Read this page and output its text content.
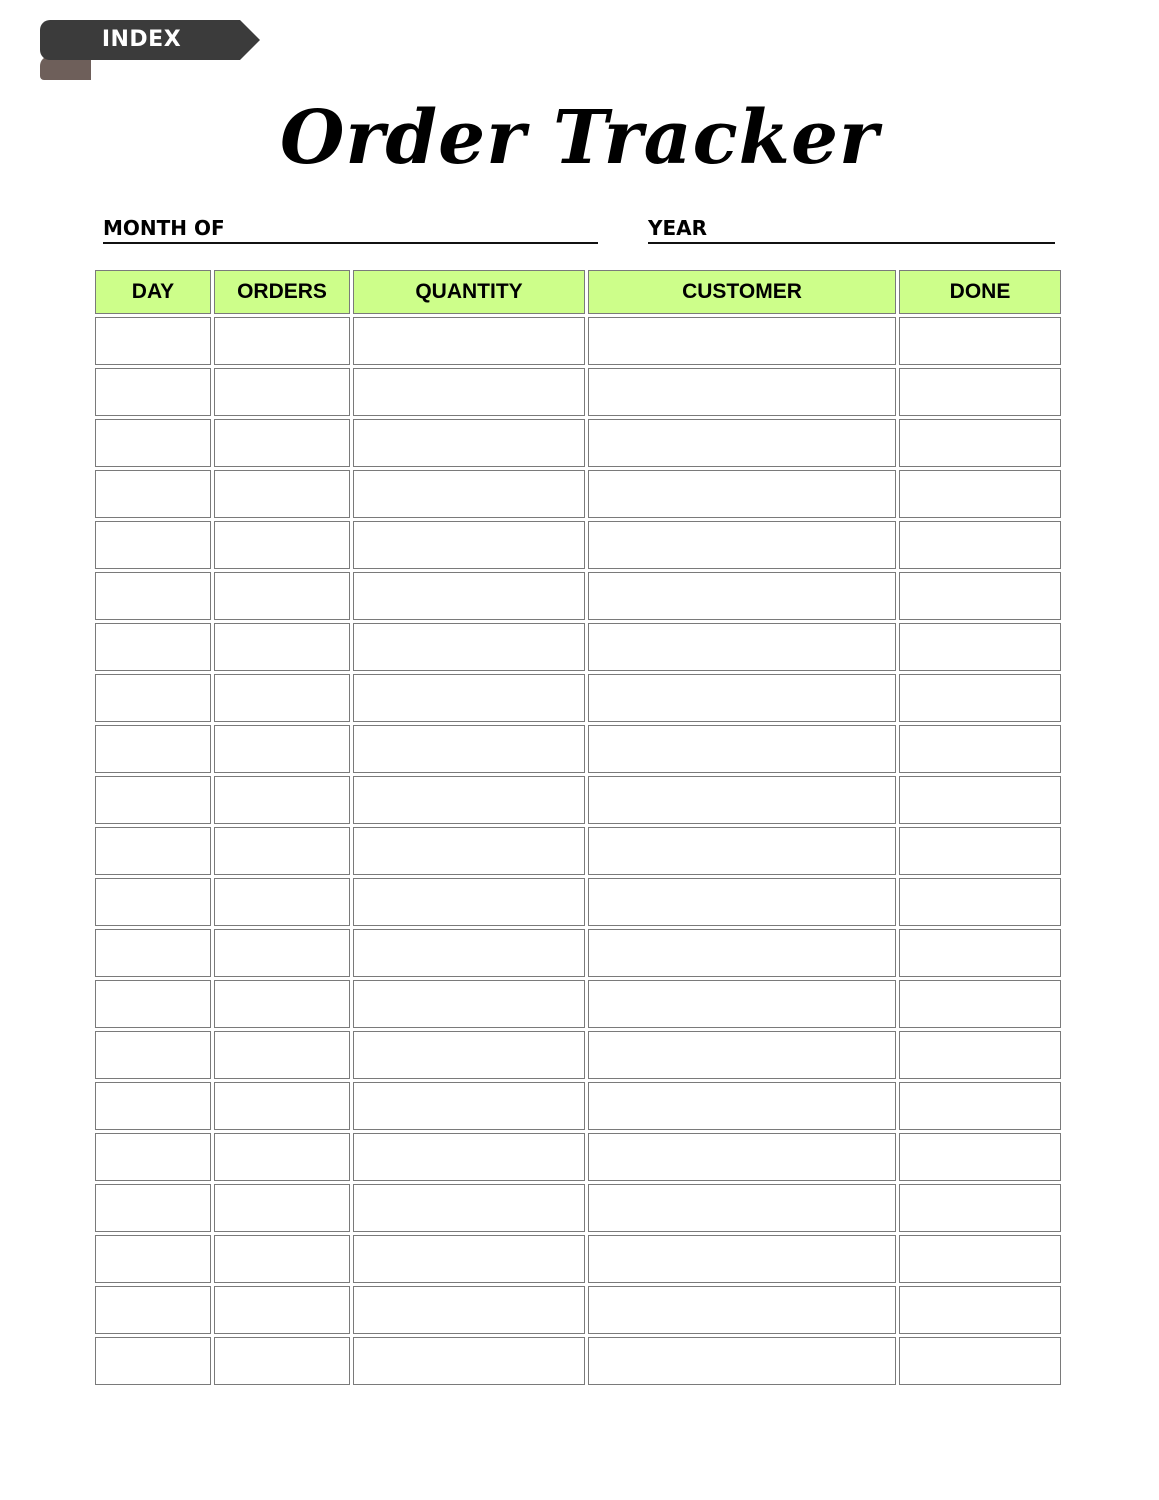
INDEX
Order Tracker
MONTH OF	YEAR
DAY	ORDERS	QUANTITY	CUSTOMER	DONE
